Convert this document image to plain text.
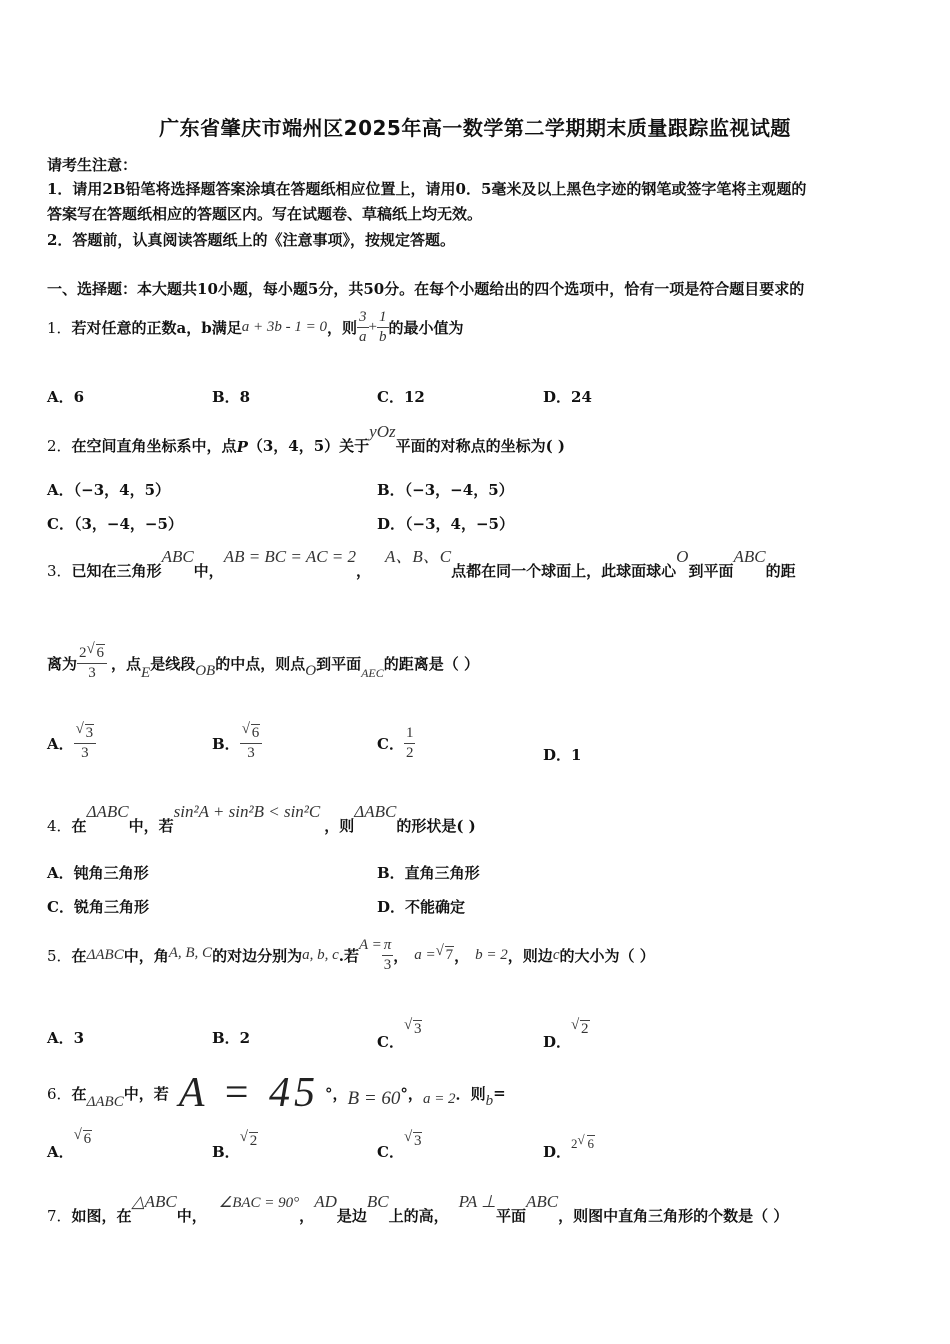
广东省肇庆市端州区2025年高一数学第二学期期末质量跟踪监视试题
请考生注意：
1．请用2B铅笔将选择题答案涂填在答题纸相应位置上，请用0．5毫米及以上黑色字迹的钢笔或签字笔将主观题的
答案写在答题纸相应的答题区内。写在试题卷、草稿纸上均无效。
2．答题前，认真阅读答题纸上的《注意事项》，按规定答题。
一、选择题：本大题共10小题，每小题5分，共50分。在每个小题给出的四个选项中，恰有一项是符合题目要求的
1． 若对任意的正数a，b满足 a + 3b - 1 = 0 ，则 $\frac{3}{a} + \frac{1}{b}$ 的最小值为
A．6	B．8	C．12	D．24
2． 在空间直角坐标系中，点 P （3，4，5）关于
yOz
平面的对称点的坐标为( )
A．（−3，4，5）	B．（−3，−4，5）
C．（3，−4，−5）	D．（−3，4，−5）
3． 已知在三角形
ABC
中，
AB = BC = AC = 2
，
A、B、C
点都在同一个球面上，此球面球心
O
到平面
ABC
的距
离为 $\frac{2 √ 6}{3}$ ，点 E 是线段 OB 的中点，则点 O 到平面 AEC 的距离是（ ）
A． $\frac{√ 3}{3}$	B． $\frac{√ 6}{3}$	C． $\frac{1}{2}$	D．1
4． 在
ΔABC
中，若
sin²A + sin²B < sin²C
，则
ΔABC
的形状是( )
A．钝角三角形	B．直角三角形
C．锐角三角形	D．不能确定
5． 在 ΔABC 中，角 A, B, C 的对边分别为 a, b, c .若
$A = \frac{\pi}{3}$ ， a = √ 7 ， b = 2 ，则边 c 的大小为（ ）
A．3	B．2	C．
√ 3
D．
√ 2
6． 在 ΔABC 中，若 A = 45 °， B = 60 °， a = 2 ．则 b =
A．
√ 6
B．
√ 2
C．
√ 3
D． 2 √ 6
7． 如图，在
△ABC
中，
∠BAC = 90°
，
AD
是边
BC
上的高，
PA ⊥
平面
ABC
，则图中直角三角形的个数是（ ）
